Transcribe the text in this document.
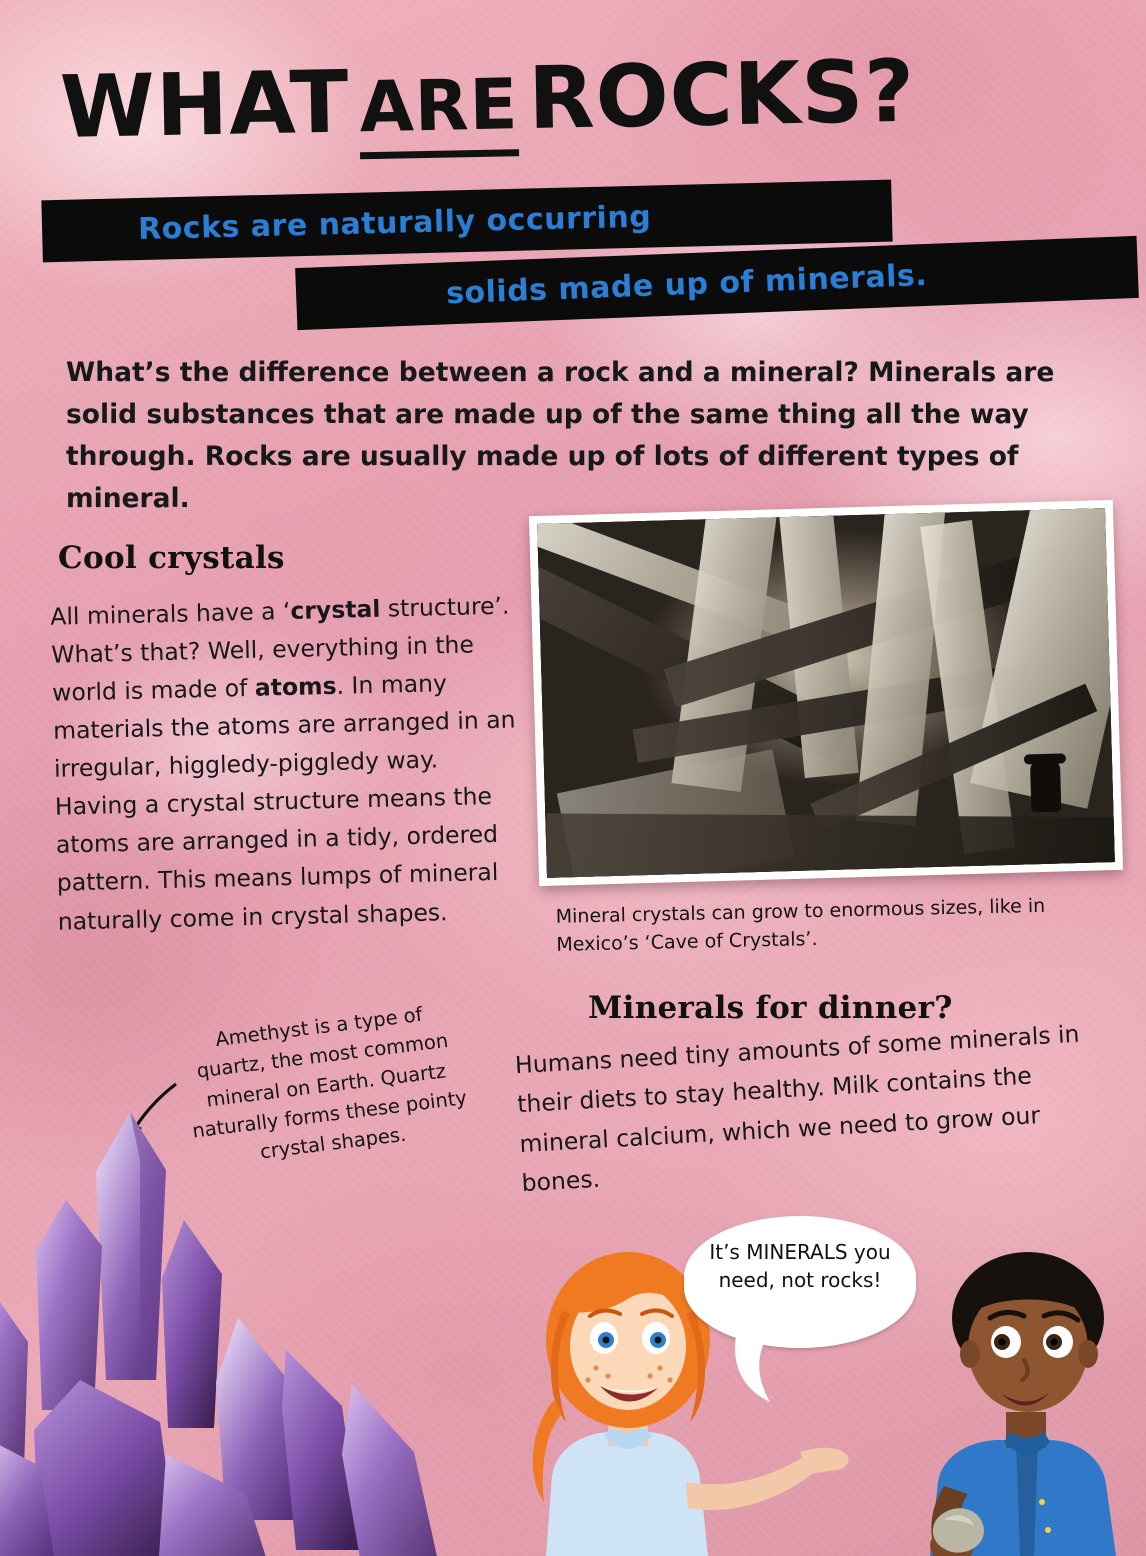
WHAT AREROCKS?
Rocks are naturally occurring
solids made up of minerals.
What’s the difference between a rock and a mineral? Minerals are solid substances that are made up of the same thing all the way through. Rocks are usually made up of lots of different types of mineral.
Cool crystals
All minerals have a ‘crystal structure’. What’s that? Well, everything in the world is made of atoms. In many materials the atoms are arranged in an irregular, higgledy-piggledy way. Having a crystal structure means the atoms are arranged in a tidy, ordered pattern. This means lumps of mineral naturally come in crystal shapes.	Mineral crystals can grow to enormous sizes, like in Mexico’s ‘Cave of Crystals’.
Minerals for dinner?
Humans need tiny amounts of some minerals in their diets to stay healthy. Milk contains the mineral calcium, which we need to grow our bones.
Amethyst is a type of quartz, the most common mineral on Earth. Quartz naturally forms these pointy crystal shapes.
It’s MINERALS you need, not rocks!
